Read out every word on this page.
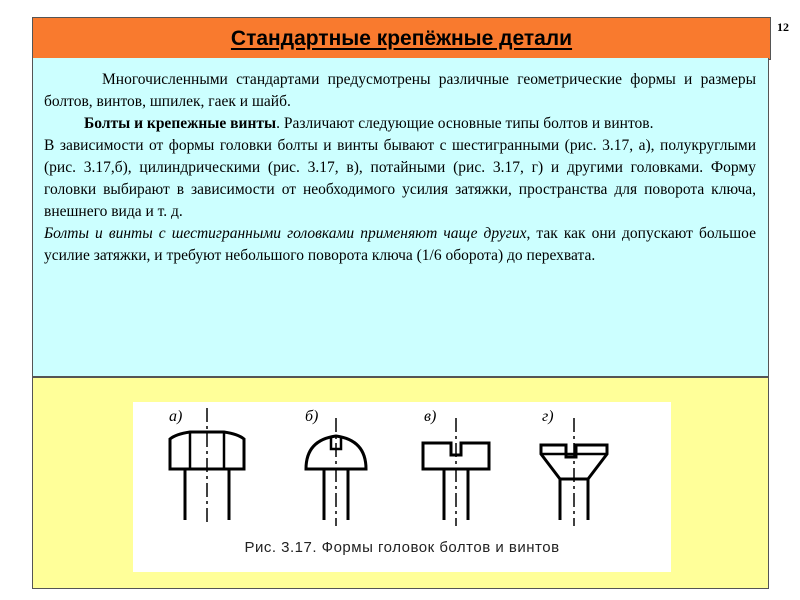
12
Стандартные крепёжные детали

Многочисленными стандартами предусмотрены различные геометрические формы и размеры болтов, винтов, шпилек, гаек и шайб.

Болты и крепежные винты. Различают следующие основные типы болтов и винтов.

В зависимости от формы головки болты и винты бывают с шестигранными (рис. 3.17, а), полукруглыми (рис. 3.17,б), цилиндрическими (рис. 3.17, в), потайными (рис. 3.17, г) и другими головками. Форму головки выбирают в зависимости от необходимого усилия затяжки, пространства для поворота ключа, внешнего вида и т. д.

Болты и винты с шестигранными головками применяют чаще других, так как они допускают большое усилие затяжки, и требуют небольшого поворота ключа (1/6 оборота) до перехвата.

а)	б)	в)	г)
Рис. 3.17. Формы головок болтов и винтов
